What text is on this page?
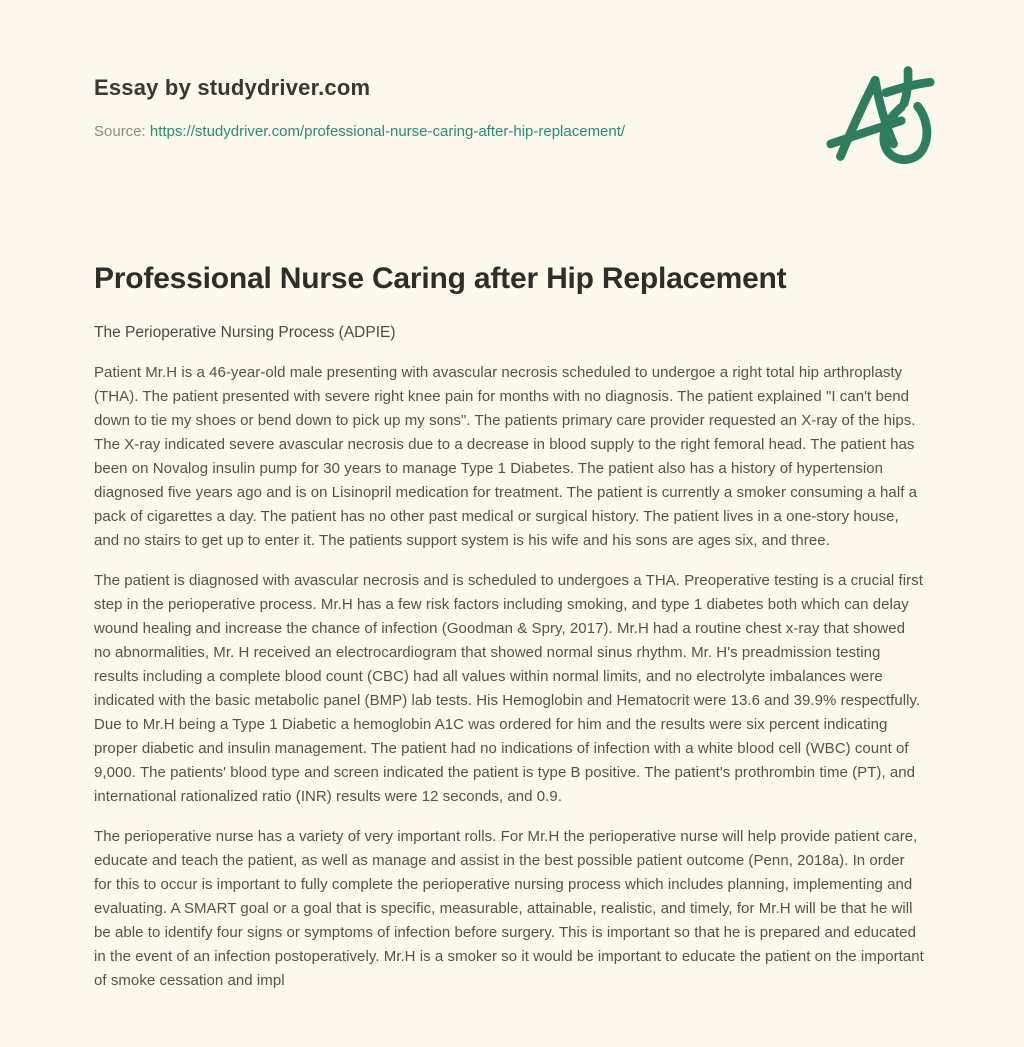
Essay by studydriver.com
Source: https://studydriver.com/professional-nurse-caring-after-hip-replacement/
Professional Nurse Caring after Hip Replacement

The Perioperative Nursing Process (ADPIE)

Patient Mr.H is a 46-year-old male presenting with avascular necrosis scheduled to undergoe a right total hip arthroplasty (THA). The patient presented with severe right knee pain for months with no diagnosis. The patient explained "I can't bend down to tie my shoes or bend down to pick up my sons". The patients primary care provider requested an X-ray of the hips. The X-ray indicated severe avascular necrosis due to a decrease in blood supply to the right femoral head. The patient has been on Novalog insulin pump for 30 years to manage Type 1 Diabetes. The patient also has a history of hypertension diagnosed five years ago and is on Lisinopril medication for treatment. The patient is currently a smoker consuming a half a pack of cigarettes a day. The patient has no other past medical or surgical history. The patient lives in a one-story house, and no stairs to get up to enter it. The patients support system is his wife and his sons are ages six, and three.

The patient is diagnosed with avascular necrosis and is scheduled to undergoes a THA. Preoperative testing is a crucial first step in the perioperative process. Mr.H has a few risk factors including smoking, and type 1 diabetes both which can delay wound healing and increase the chance of infection (Goodman & Spry, 2017). Mr.H had a routine chest x-ray that showed no abnormalities, Mr. H received an electrocardiogram that showed normal sinus rhythm. Mr. H's preadmission testing results including a complete blood count (CBC) had all values within normal limits, and no electrolyte imbalances were indicated with the basic metabolic panel (BMP) lab tests. His Hemoglobin and Hematocrit were 13.6 and 39.9% respectfully. Due to Mr.H being a Type 1 Diabetic a hemoglobin A1C was ordered for him and the results were six percent indicating proper diabetic and insulin management. The patient had no indications of infection with a white blood cell (WBC) count of 9,000. The patients' blood type and screen indicated the patient is type B positive. The patient's prothrombin time (PT), and international rationalized ratio (INR) results were 12 seconds, and 0.9.

The perioperative nurse has a variety of very important rolls. For Mr.H the perioperative nurse will help provide patient care, educate and teach the patient, as well as manage and assist in the best possible patient outcome (Penn, 2018a). In order for this to occur is important to fully complete the perioperative nursing process which includes planning, implementing and evaluating. A SMART goal or a goal that is specific, measurable, attainable, realistic, and timely, for Mr.H will be that he will be able to identify four signs or symptoms of infection before surgery. This is important so that he is prepared and educated in the event of an infection postoperatively. Mr.H is a smoker so it would be important to educate the patient on the important of smoke cessation and impl
